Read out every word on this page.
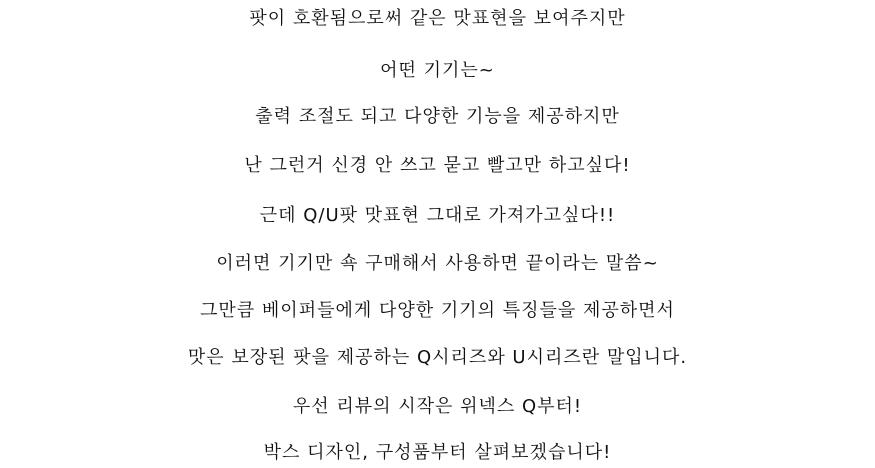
팟이 호환됨으로써 같은 맛표현을 보여주지만
어떤 기기는~
출력 조절도 되고 다양한 기능을 제공하지만
난 그런거 신경 안 쓰고 묻고 빨고만 하고싶다!
근데 Q/U팟 맛표현 그대로 가져가고싶다!!
이러면 기기만 쇽 구매해서 사용하면 끝이라는 말씀~
그만큼 베이퍼들에게 다양한 기기의 특징들을 제공하면서
맛은 보장된 팟을 제공하는 Q시리즈와 U시리즈란 말입니다.
우선 리뷰의 시작은 위넥스 Q부터!
박스 디자인, 구성품부터 살펴보겠습니다!
